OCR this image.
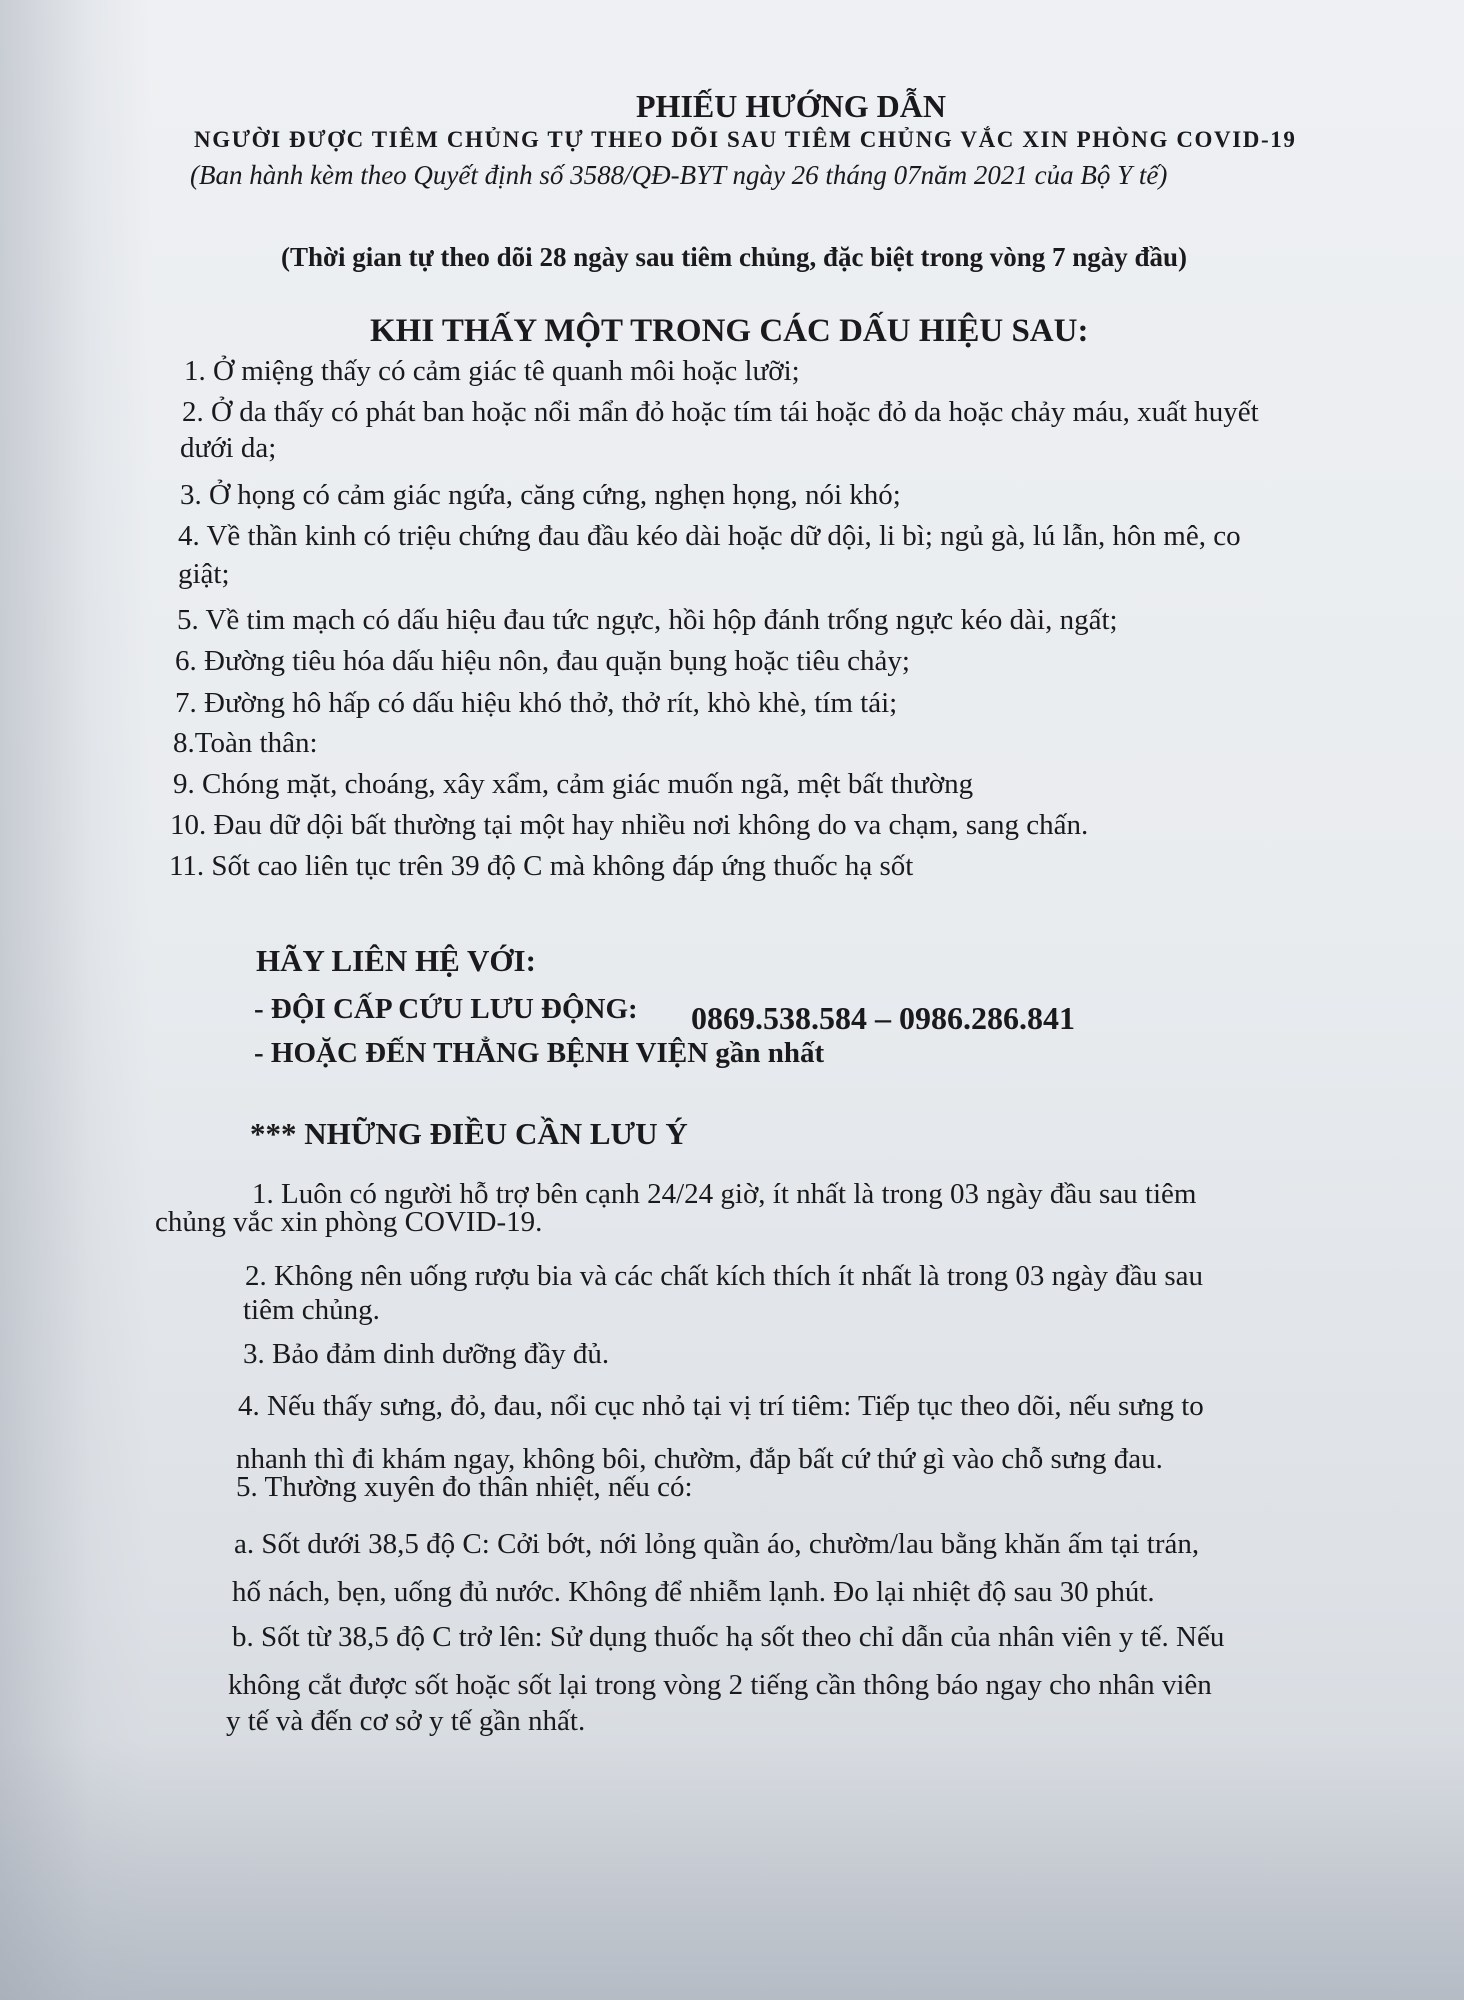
PHIẾU HƯỚNG DẪN
NGƯỜI ĐƯỢC TIÊM CHỦNG TỰ THEO DÕI SAU TIÊM CHỦNG VẮC XIN PHÒNG COVID-19
(Ban hành kèm theo Quyết định số 3588/QĐ-BYT ngày 26 tháng 07năm 2021 của Bộ Y tế)
(Thời gian tự theo dõi 28 ngày sau tiêm chủng, đặc biệt trong vòng 7 ngày đầu)
KHI THẤY MỘT TRONG CÁC DẤU HIỆU SAU:
1. Ở miệng thấy có cảm giác tê quanh môi hoặc lưỡi;
2. Ở da thấy có phát ban hoặc nổi mẩn đỏ hoặc tím tái hoặc đỏ da hoặc chảy máu, xuất huyết
dưới da;
3. Ở họng có cảm giác ngứa, căng cứng, nghẹn họng, nói khó;
4. Về thần kinh có triệu chứng đau đầu kéo dài hoặc dữ dội, li bì; ngủ gà, lú lẫn, hôn mê, co
giật;
5. Về tim mạch có dấu hiệu đau tức ngực, hồi hộp đánh trống ngực kéo dài, ngất;
6. Đường tiêu hóa dấu hiệu nôn, đau quặn bụng hoặc tiêu chảy;
7. Đường hô hấp có dấu hiệu khó thở, thở rít, khò khè, tím tái;
8.Toàn thân:
9. Chóng mặt, choáng, xây xẩm, cảm giác muốn ngã, mệt bất thường
10. Đau dữ dội bất thường tại một hay nhiều nơi không do va chạm, sang chấn.
11. Sốt cao liên tục trên 39 độ C mà không đáp ứng thuốc hạ sốt
HÃY LIÊN HỆ VỚI:
- ĐỘI CẤP CỨU LƯU ĐỘNG: 0869.538.584 – 0986.286.841
- HOẶC ĐẾN THẲNG BỆNH VIỆN gần nhất
*** NHỮNG ĐIỀU CẦN LƯU Ý
1. Luôn có người hỗ trợ bên cạnh 24/24 giờ, ít nhất là trong 03 ngày đầu sau tiêm
chủng vắc xin phòng COVID-19.
2. Không nên uống rượu bia và các chất kích thích ít nhất là trong 03 ngày đầu sau
tiêm chủng.
3. Bảo đảm dinh dưỡng đầy đủ.
4. Nếu thấy sưng, đỏ, đau, nổi cục nhỏ tại vị trí tiêm: Tiếp tục theo dõi, nếu sưng to
nhanh thì đi khám ngay, không bôi, chườm, đắp bất cứ thứ gì vào chỗ sưng đau.
5. Thường xuyên đo thân nhiệt, nếu có:
a. Sốt dưới 38,5 độ C: Cởi bớt, nới lỏng quần áo, chườm/lau bằng khăn ấm tại trán,
hố nách, bẹn, uống đủ nước. Không để nhiễm lạnh. Đo lại nhiệt độ sau 30 phút.
b. Sốt từ 38,5 độ C trở lên: Sử dụng thuốc hạ sốt theo chỉ dẫn của nhân viên y tế. Nếu
không cắt được sốt hoặc sốt lại trong vòng 2 tiếng cần thông báo ngay cho nhân viên
y tế và đến cơ sở y tế gần nhất.
